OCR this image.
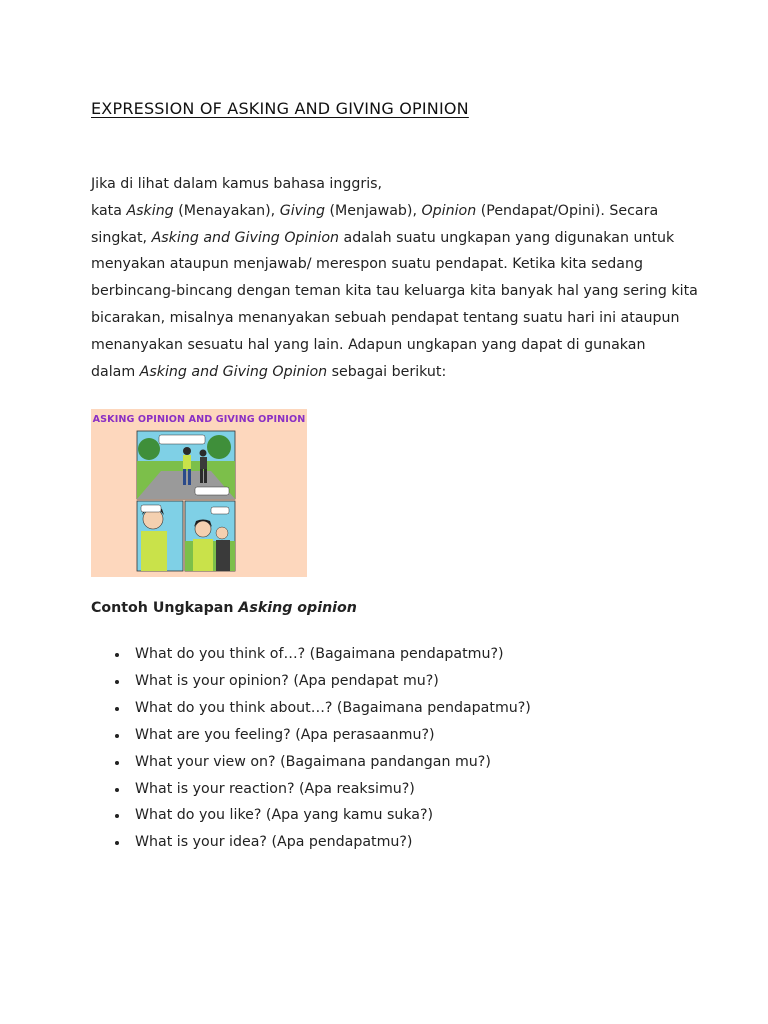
EXPRESSION OF ASKING AND GIVING OPINION
Jika di lihat dalam kamus bahasa inggris,
kata Asking (Menayakan), Giving (Menjawab), Opinion (Pendapat/Opini). Secara
singkat, Asking and Giving Opinion adalah suatu ungkapan yang digunakan untuk
menyakan ataupun menjawab/ merespon suatu pendapat. Ketika kita sedang
berbincang-bincang dengan teman kita tau keluarga kita banyak hal yang sering kita
bicarakan, misalnya menanyakan sebuah pendapat tentang suatu hari ini ataupun
menanyakan sesuatu hal yang lain. Adapun ungkapan yang dapat di gunakan
dalam Asking and Giving Opinion sebagai berikut:
ASKING OPINION AND GIVING OPINION
Contoh Ungkapan Asking opinion
What do you think of…? (Bagaimana pendapatmu?)
What is your opinion? (Apa pendapat mu?)
What do you think about…? (Bagaimana pendapatmu?)
What are you feeling? (Apa perasaanmu?)
What your view on? (Bagaimana pandangan mu?)
What is your reaction? (Apa reaksimu?)
What do you like? (Apa yang kamu suka?)
What is your idea? (Apa pendapatmu?)
